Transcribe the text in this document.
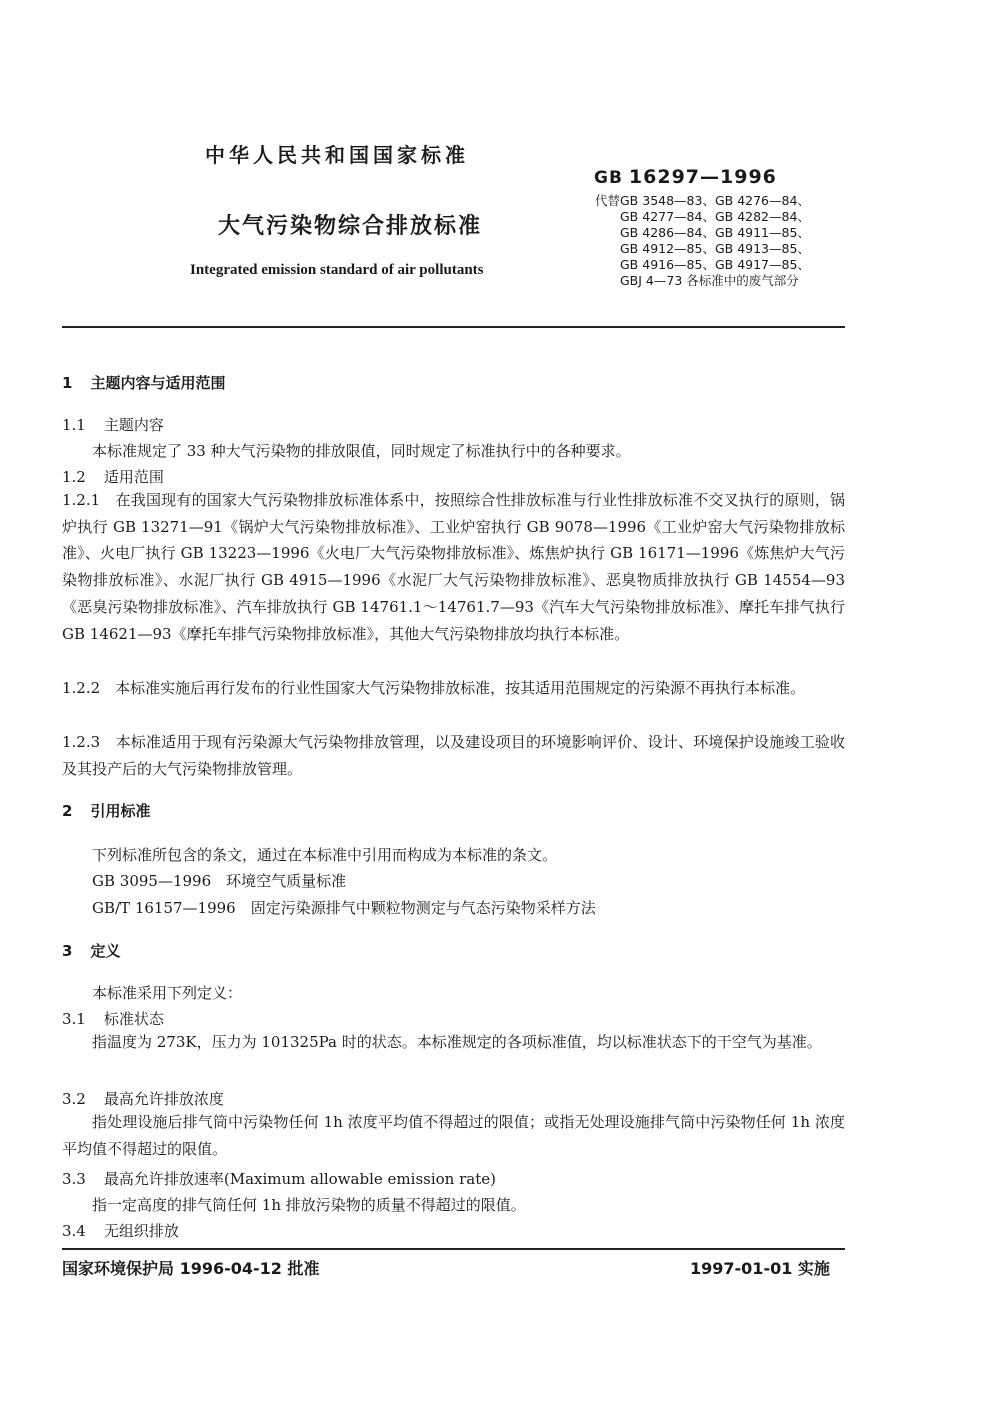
中华人民共和国国家标准
大气污染物综合排放标准
Integrated emission standard of air pollutants
GB 16297—1996
代替GB 3548—83、GB 4276—84、
GB 4277—84、GB 4282—84、
GB 4286—84、GB 4911—85、
GB 4912—85、GB 4913—85、
GB 4916—85、GB 4917—85、
GBJ 4—73 各标准中的废气部分
1 主题内容与适用范围
1.1 主题内容
本标准规定了 33 种大气污染物的排放限值，同时规定了标准执行中的各种要求。
1.2 适用范围
1.2.1　在我国现有的国家大气污染物排放标准体系中，按照综合性排放标准与行业性排放标准不交叉执行的原则，锅炉执行 GB 13271—91《锅炉大气污染物排放标准》、工业炉窑执行 GB 9078—1996《工业炉窑大气污染物排放标准》、火电厂执行 GB 13223—1996《火电厂大气污染物排放标准》、炼焦炉执行 GB 16171—1996《炼焦炉大气污染物排放标准》、水泥厂执行 GB 4915—1996《水泥厂大气污染物排放标准》、恶臭物质排放执行 GB 14554—93《恶臭污染物排放标准》、汽车排放执行 GB 14761.1～14761.7—93《汽车大气污染物排放标准》、摩托车排气执行 GB 14621—93《摩托车排气污染物排放标准》，其他大气污染物排放均执行本标准。
1.2.2　本标准实施后再行发布的行业性国家大气污染物排放标准，按其适用范围规定的污染源不再执行本标准。
1.2.3　本标准适用于现有污染源大气污染物排放管理，以及建设项目的环境影响评价、设计、环境保护设施竣工验收及其投产后的大气污染物排放管理。
2 引用标准
下列标准所包含的条文，通过在本标准中引用而构成为本标准的条文。
GB 3095—1996　环境空气质量标准
GB/T 16157—1996　固定污染源排气中颗粒物测定与气态污染物采样方法
3 定义
本标准采用下列定义：
3.1 标准状态
指温度为 273K，压力为 101325Pa 时的状态。本标准规定的各项标准值，均以标准状态下的干空气为基准。
3.2 最高允许排放浓度
指处理设施后排气筒中污染物任何 1h 浓度平均值不得超过的限值；或指无处理设施排气筒中污染物任何 1h 浓度平均值不得超过的限值。
3.3 最高允许排放速率(Maximum allowable emission rate)
指一定高度的排气筒任何 1h 排放污染物的质量不得超过的限值。
3.4 无组织排放
国家环境保护局 1996-04-12 批准	1997-01-01 实施
